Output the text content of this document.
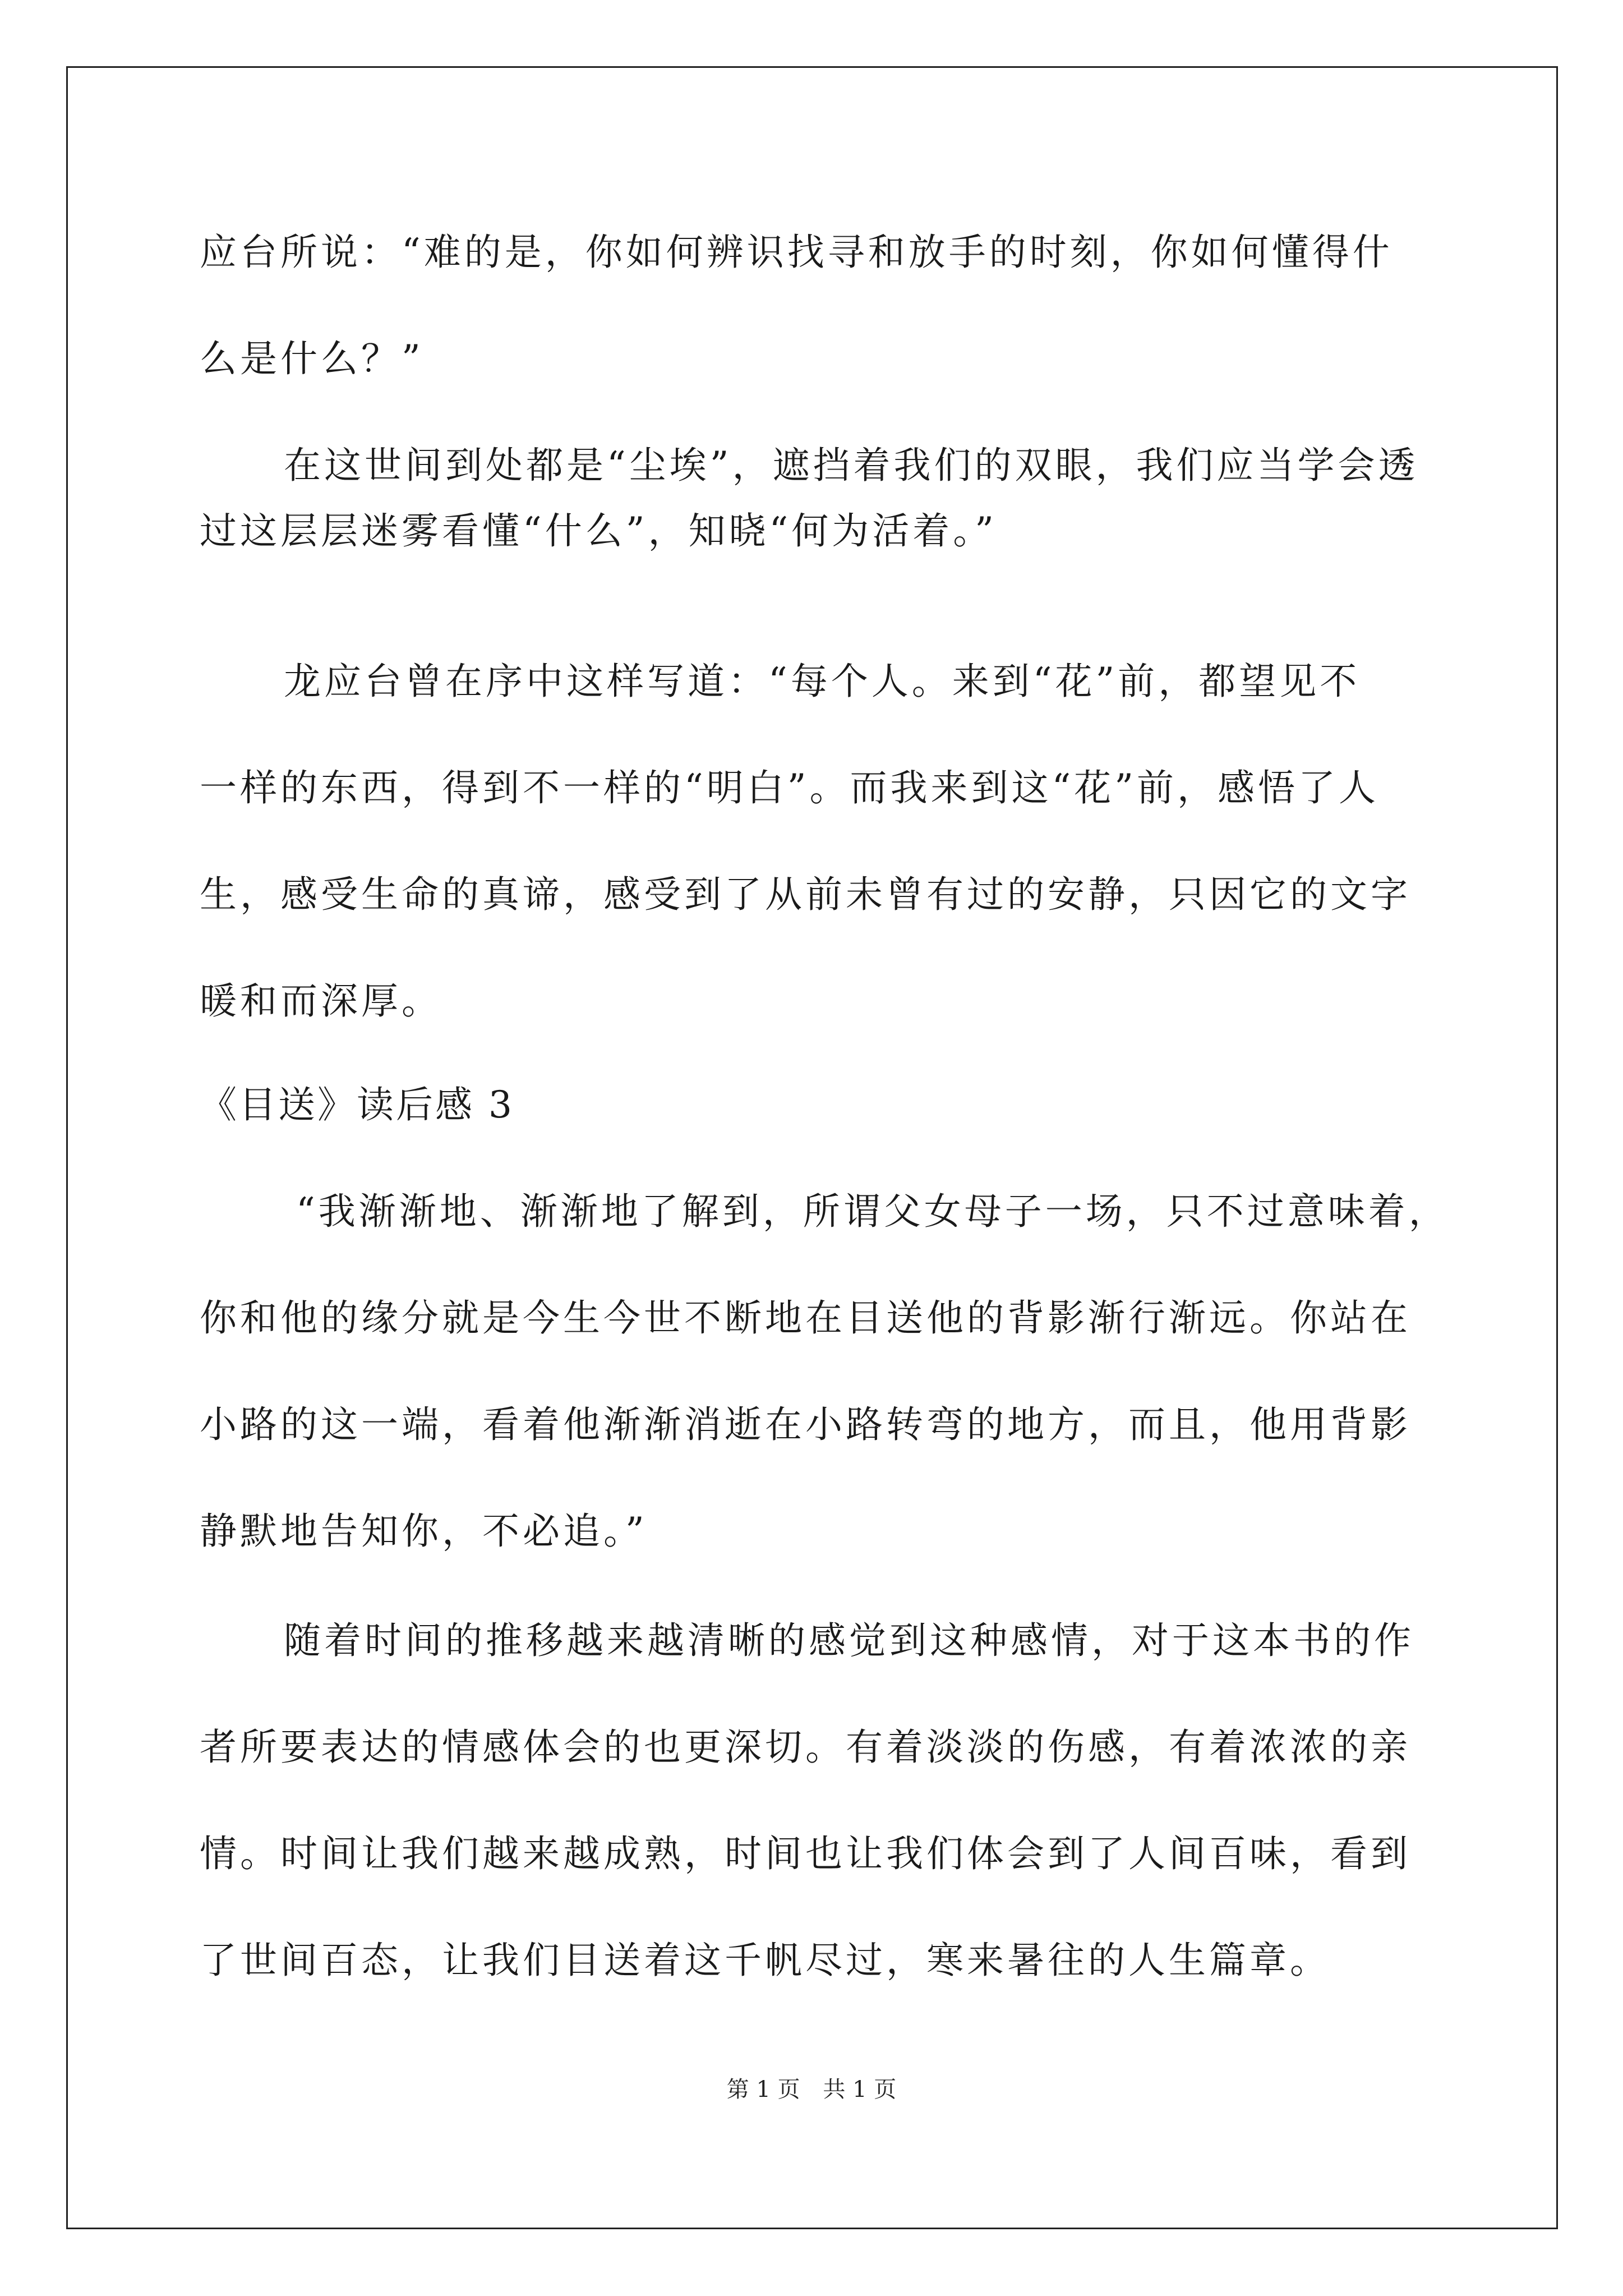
应台所说：“难的是，你如何辨识找寻和放手的时刻，你如何懂得什
么是什么？”
在这世间到处都是“尘埃”，遮挡着我们的双眼，我们应当学会透
过这层层迷雾看懂“什么”，知晓“何为活着。”
龙应台曾在序中这样写道：“每个人。来到“花”前，都望见不
一样的东西，得到不一样的“明白”。而我来到这“花”前，感悟了人
生，感受生命的真谛，感受到了从前未曾有过的安静，只因它的文字
暖和而深厚。
《目送》读后感 3
“我渐渐地、渐渐地了解到，所谓父女母子一场，只不过意味着，
你和他的缘分就是今生今世不断地在目送他的背影渐行渐远。你站在
小路的这一端，看着他渐渐消逝在小路转弯的地方，而且，他用背影
静默地告知你，不必追。”
随着时间的推移越来越清晰的感觉到这种感情，对于这本书的作
者所要表达的情感体会的也更深切。有着淡淡的伤感，有着浓浓的亲
情。时间让我们越来越成熟，时间也让我们体会到了人间百味，看到
了世间百态，让我们目送着这千帆尽过，寒来暑往的人生篇章。
第 1 页 共 1 页
